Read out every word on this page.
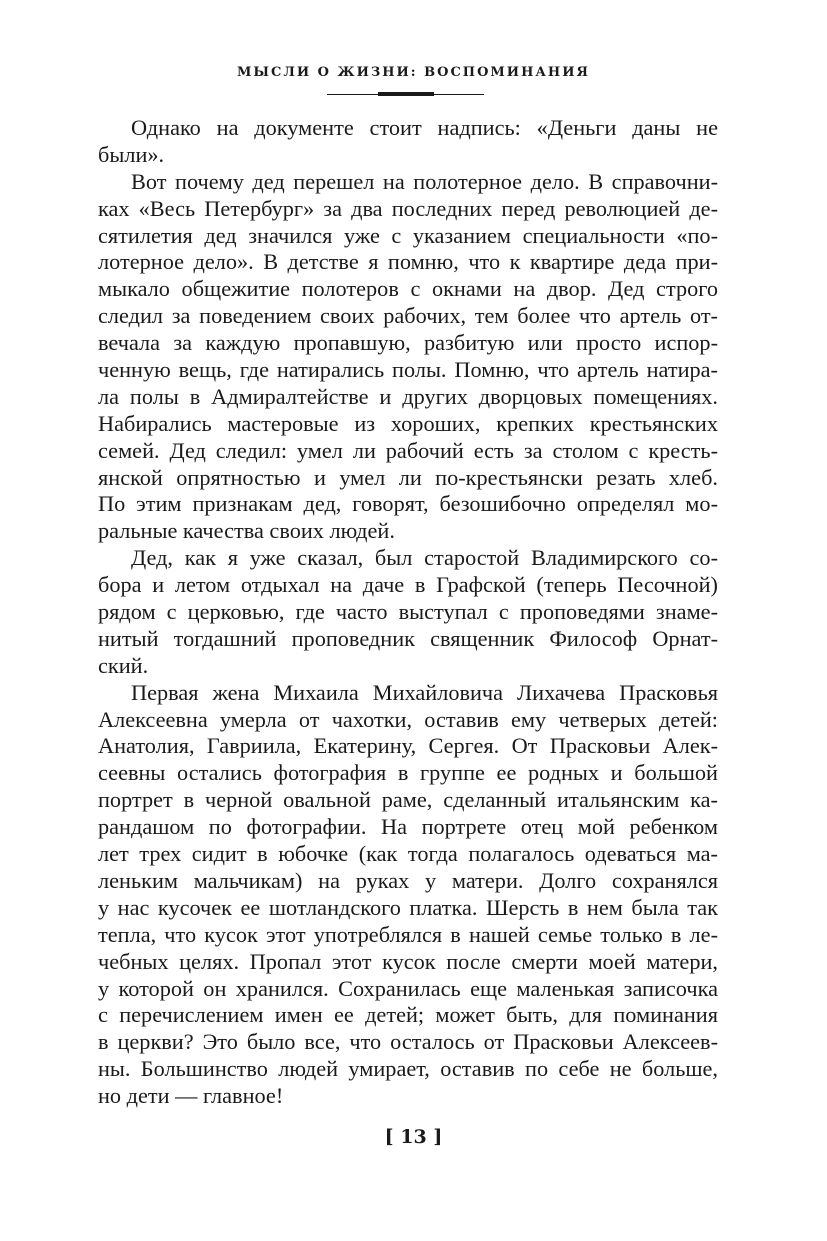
МЫСЛИ О ЖИЗНИ: ВОСПОМИНАНИЯ
Однако на документе стоит надпись: «Деньги даны не
были».
Вот почему дед перешел на полотерное дело. В справочни-
ках «Весь Петербург» за два последних перед революцией де-
сятилетия дед значился уже с указанием специальности «по-
лотерное дело». В детстве я помню, что к квартире деда при-
мыкало общежитие полотеров с окнами на двор. Дед строго
следил за поведением своих рабочих, тем более что артель от-
вечала за каждую пропавшую, разбитую или просто испор-
ченную вещь, где натирались полы. Помню, что артель натира-
ла полы в Адмиралтействе и других дворцовых помещениях.
Набирались мастеровые из хороших, крепких крестьянских
семей. Дед следил: умел ли рабочий есть за столом с кресть-
янской опрятностью и умел ли по-крестьянски резать хлеб.
По этим признакам дед, говорят, безошибочно определял мо-
ральные качества своих людей.
Дед, как я уже сказал, был старостой Владимирского со-
бора и летом отдыхал на даче в Графской (теперь Песочной)
рядом с церковью, где часто выступал с проповедями знаме-
нитый тогдашний проповедник священник Философ Орнат-
ский.
Первая жена Михаила Михайловича Лихачева Прасковья
Алексеевна умерла от чахотки, оставив ему четверых детей:
Анатолия, Гавриила, Екатерину, Сергея. От Прасковьи Алек-
сеевны остались фотография в группе ее родных и большой
портрет в черной овальной раме, сделанный итальянским ка-
рандашом по фотографии. На портрете отец мой ребенком
лет трех сидит в юбочке (как тогда полагалось одеваться ма-
леньким мальчикам) на руках у матери. Долго сохранялся
у нас кусочек ее шотландского платка. Шерсть в нем была так
тепла, что кусок этот употреблялся в нашей семье только в ле-
чебных целях. Пропал этот кусок после смерти моей матери,
у которой он хранился. Сохранилась еще маленькая записочка
с перечислением имен ее детей; может быть, для поминания
в церкви? Это было все, что осталось от Прасковьи Алексеев-
ны. Большинство людей умирает, оставив по себе не больше,
но дети — главное!
[ 13 ]
